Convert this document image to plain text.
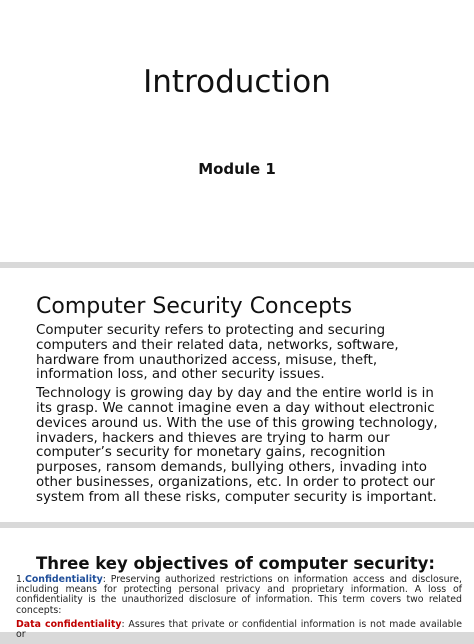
Introduction
Module 1
Computer Security Concepts

Computer security refers to protecting and securing computers and their related data, networks, software, hardware from unauthorized access, misuse, theft, information loss, and other security issues.

Technology is growing day by day and the entire world is in its grasp. We cannot imagine even a day without electronic devices around us. With the use of this growing technology, invaders, hackers and thieves are trying to harm our computer’s security for monetary gains, recognition purposes, ransom demands, bullying others, invading into other businesses, organizations, etc. In order to protect our system from all these risks, computer security is important.

Three key objectives of computer security:

1.Confidentiality: Preserving authorized restrictions on information access and disclosure, including means for protecting personal privacy and proprietary information. A loss of confidentiality is the unauthorized disclosure of information. This term covers two related concepts:

Data confidentiality: Assures that private or confidential information is not made available or
